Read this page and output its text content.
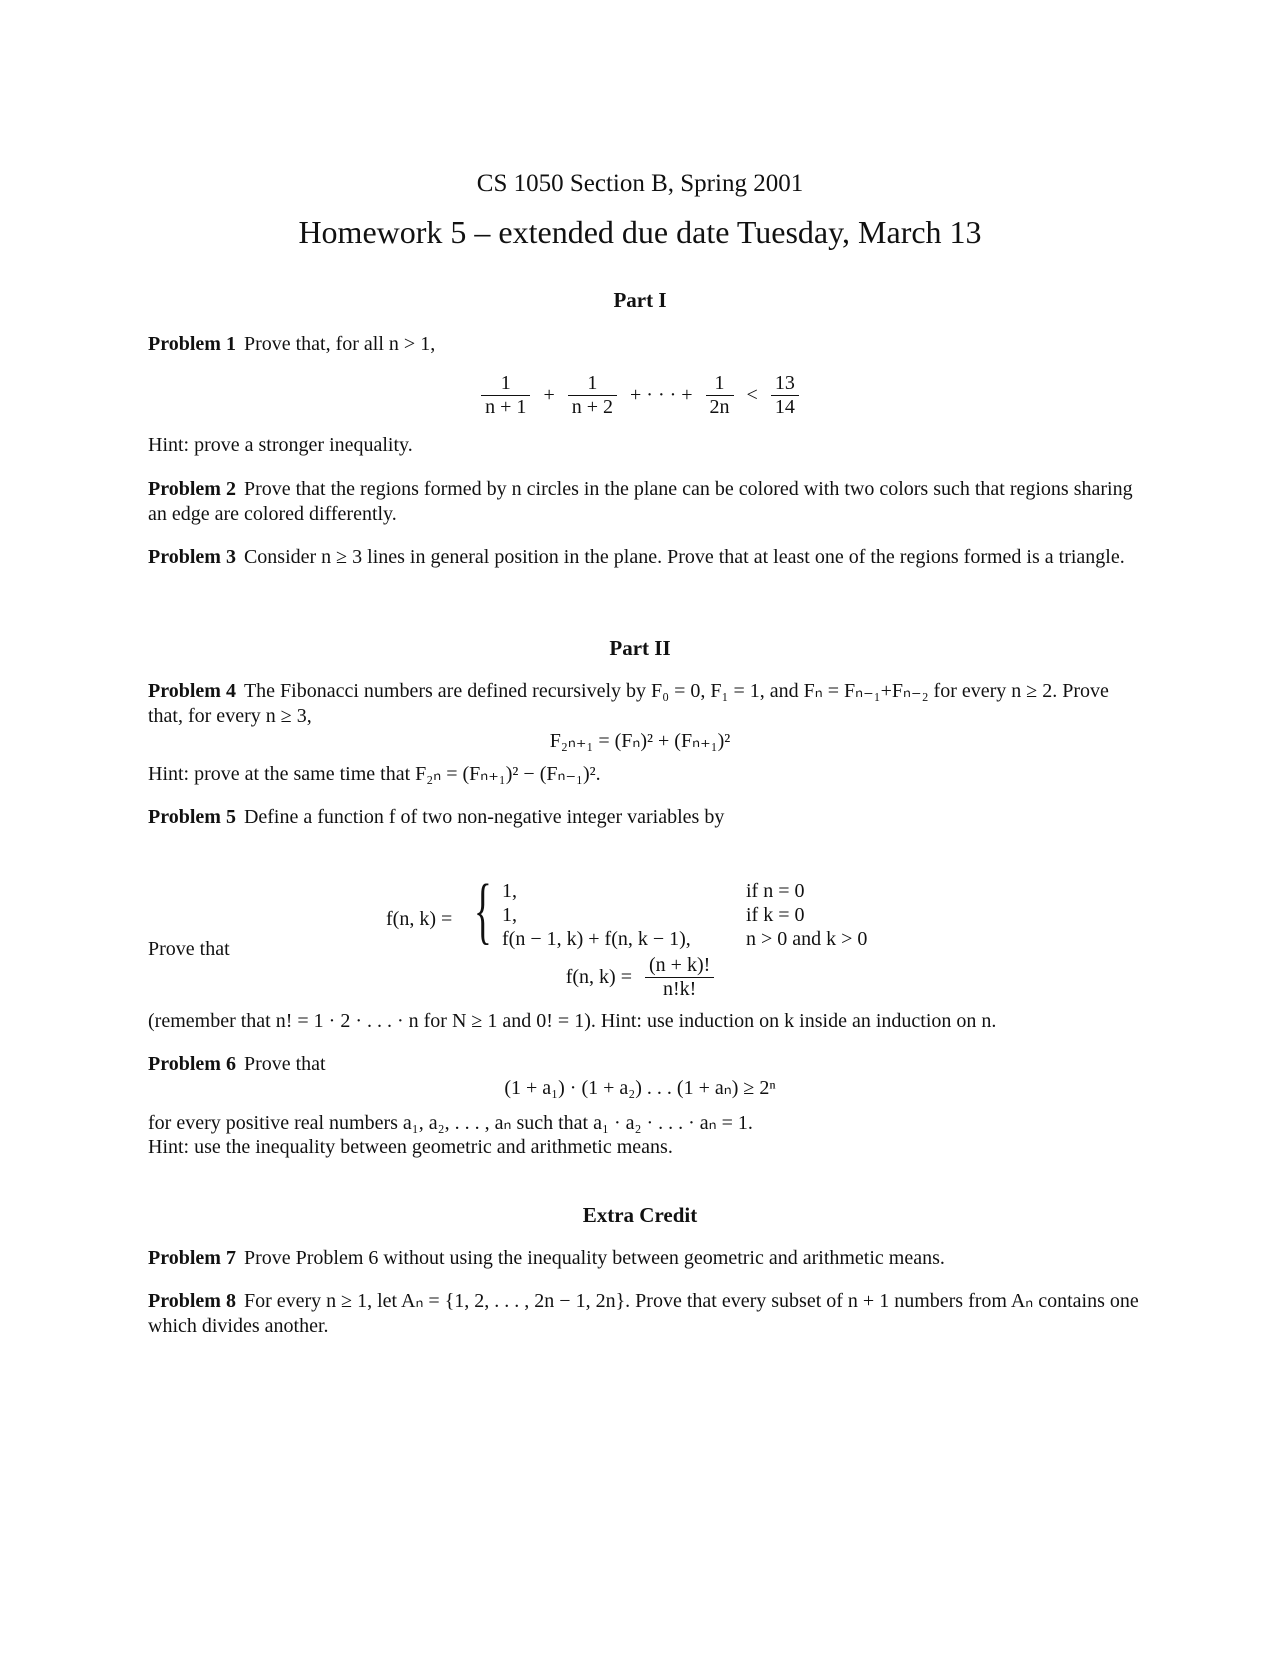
CS 1050 Section B, Spring 2001
Homework 5 – extended due date Tuesday, March 13
Part I
Problem 1 Prove that, for all n > 1,
$\frac{1}{n + 1} + \frac{1}{n + 2}$ + · · · + $\frac{1}{2n} < \frac{13}{14}$
Hint: prove a stronger inequality.
Problem 2 Prove that the regions formed by n circles in the plane can be colored with two colors such that regions sharing an edge are colored differently.
Problem 3 Consider n ≥ 3 lines in general position in the plane. Prove that at least one of the regions formed is a triangle.
Part II
Problem 4 The Fibonacci numbers are defined recursively by F₀ = 0, F₁ = 1, and Fₙ = Fₙ₋₁+Fₙ₋₂ for every n ≥ 2. Prove that, for every n ≥ 3,
F₂ₙ₊₁ = (Fₙ)² + (Fₙ₊₁)²
Hint: prove at the same time that F₂ₙ = (Fₙ₊₁)² − (Fₙ₋₁)².
Problem 5 Define a function f of two non-negative integer variables by
f(n, k) = { 1,	if n = 0
1,	if k = 0
f(n − 1, k) + f(n, k − 1),	n > 0 and k > 0
Prove that
f(n, $k) = \frac{(n + k)!}{n!k!}$
(remember that n! = 1 · 2 · . . . · n for N ≥ 1 and 0! = 1). Hint: use induction on k inside an induction on n.
Problem 6 Prove that
(1 + a₁) · (1 + a₂) . . . (1 + aₙ) ≥ 2ⁿ
for every positive real numbers a₁, a₂, . . . , aₙ such that a₁ · a₂ · . . . · aₙ = 1.
Hint: use the inequality between geometric and arithmetic means.
Extra Credit
Problem 7 Prove Problem 6 without using the inequality between geometric and arithmetic means.
Problem 8 For every n ≥ 1, let Aₙ = {1, 2, . . . , 2n − 1, 2n}. Prove that every subset of n + 1 numbers from Aₙ contains one which divides another.
